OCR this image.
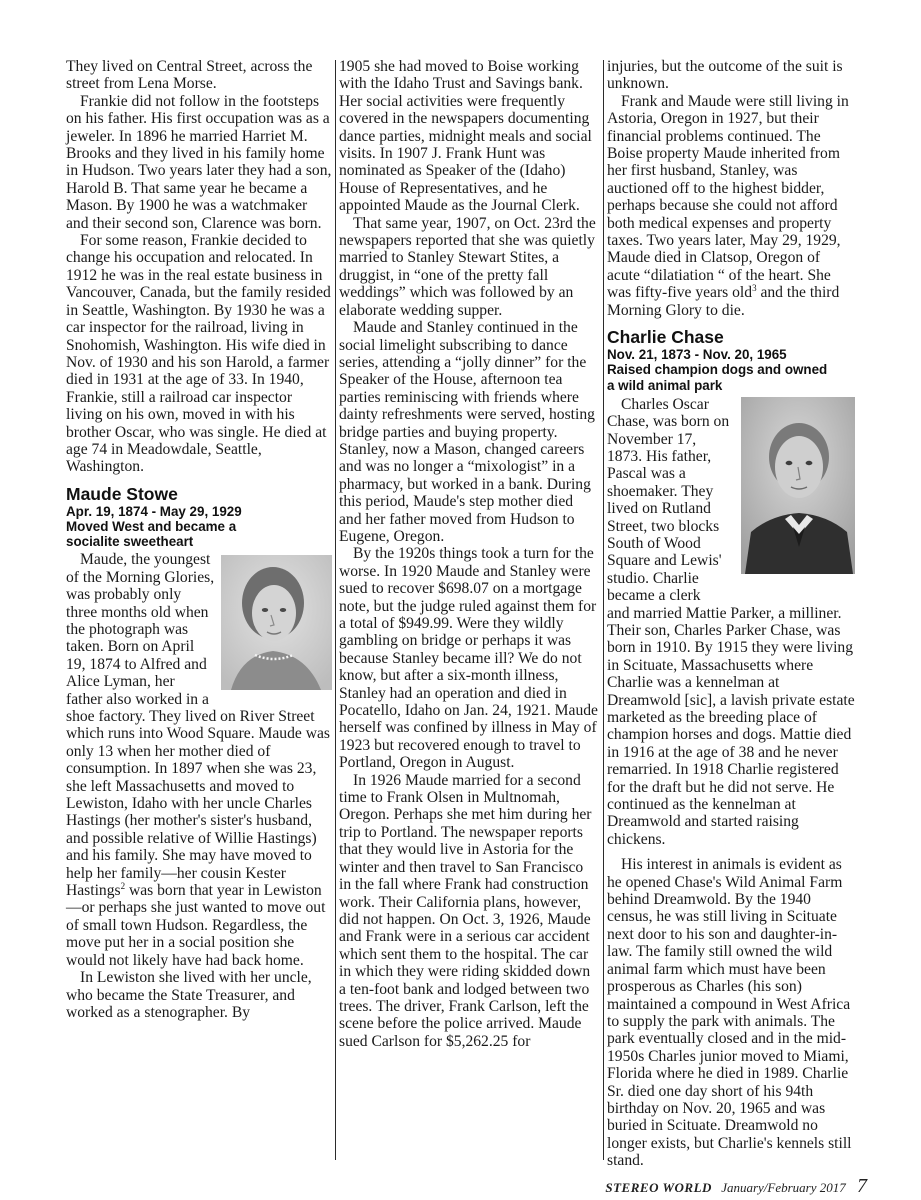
They lived on Central Street, across the street from Lena Morse.

Frankie did not follow in the footsteps on his father. His first occupation was as a jeweler. In 1896 he married Harriet M. Brooks and they lived in his family home in Hudson. Two years later they had a son, Harold B. That same year he became a Mason. By 1900 he was a watchmaker and their second son, Clarence was born.

For some reason, Frankie decided to change his occupation and relocated. In 1912 he was in the real estate business in Vancouver, Canada, but the family resided in Seattle, Washington. By 1930 he was a car inspector for the railroad, living in Snohomish, Washington. His wife died in Nov. of 1930 and his son Harold, a farmer died in 1931 at the age of 33. In 1940, Frankie, still a railroad car inspector living on his own, moved in with his brother Oscar, who was single. He died at age 74 in Meadowdale, Seattle, Washington.

Maude Stowe
Apr. 19, 1874 - May 29, 1929
Moved West and became a
socialite sweetheart

Maude, the youngest of the Morning Glories, was probably only three months old when the photograph was taken. Born on April 19, 1874 to Alfred and Alice Lyman, her

father also worked in a shoe factory. They lived on River Street which runs into Wood Square. Maude was only 13 when her mother died of consumption. In 1897 when she was 23, she left Massachusetts and moved to Lewiston, Idaho with her uncle Charles Hastings (her mother's sister's husband, and possible relative of Willie Hastings) and his family. She may have moved to help her family—her cousin Kester Hastings$^2$ was born that year in Lewiston—or perhaps she just wanted to move out of small town Hudson. Regardless, the move put her in a social position she would not likely have had back home.

In Lewiston she lived with her uncle, who became the State Treasurer, and worked as a stenographer. By

1905 she had moved to Boise working with the Idaho Trust and Savings bank. Her social activities were frequently covered in the newspapers documenting dance parties, midnight meals and social visits. In 1907 J. Frank Hunt was nominated as Speaker of the (Idaho) House of Representatives, and he appointed Maude as the Journal Clerk.

That same year, 1907, on Oct. 23rd the newspapers reported that she was quietly married to Stanley Stewart Stites, a druggist, in “one of the pretty fall weddings” which was followed by an elaborate wedding supper.

Maude and Stanley continued in the social limelight subscribing to dance series, attending a “jolly dinner” for the Speaker of the House, afternoon tea parties reminiscing with friends where dainty refreshments were served, hosting bridge parties and buying property. Stanley, now a Mason, changed careers and was no longer a “mixologist” in a pharmacy, but worked in a bank. During this period, Maude's step mother died and her father moved from Hudson to Eugene, Oregon.

By the 1920s things took a turn for the worse. In 1920 Maude and Stanley were sued to recover $698.07 on a mortgage note, but the judge ruled against them for a total of $949.99. Were they wildly gambling on bridge or perhaps it was because Stanley became ill? We do not know, but after a six-month illness, Stanley had an operation and died in Pocatello, Idaho on Jan. 24, 1921. Maude herself was confined by illness in May of 1923 but recovered enough to travel to Portland, Oregon in August.

In 1926 Maude married for a second time to Frank Olsen in Multnomah, Oregon. Perhaps she met him during her trip to Portland. The newspaper reports that they would live in Astoria for the winter and then travel to San Francisco in the fall where Frank had construction work. Their California plans, however, did not happen. On Oct. 3, 1926, Maude and Frank were in a serious car accident which sent them to the hospital. The car in which they were riding skidded down a ten-foot bank and lodged between two trees. The driver, Frank Carlson, left the scene before the police arrived. Maude sued Carlson for $5,262.25 for

injuries, but the outcome of the suit is unknown.

Frank and Maude were still living in Astoria, Oregon in 1927, but their financial problems continued. The Boise property Maude inherited from her first husband, Stanley, was auctioned off to the highest bidder, perhaps because she could not afford both medical expenses and property taxes. Two years later, May 29, 1929, Maude died in Clatsop, Oregon of acute “dilatiation “ of the heart. She was fifty-five years old$^3$ and the third Morning Glory to die.

Charlie Chase
Nov. 21, 1873 - Nov. 20, 1965
Raised champion dogs and owned
a wild animal park

Charles Oscar Chase, was born on November 17, 1873. His father, Pascal was a shoemaker. They lived on Rutland Street, two blocks South of Wood Square and Lewis' studio. Charlie became a clerk

and married Mattie Parker, a milliner. Their son, Charles Parker Chase, was born in 1910. By 1915 they were living in Scituate, Massachusetts where Charlie was a kennelman at Dreamwold [sic], a lavish private estate marketed as the breeding place of champion horses and dogs. Mattie died in 1916 at the age of 38 and he never remarried. In 1918 Charlie registered for the draft but he did not serve. He continued as the kennelman at Dreamwold and started raising chickens.

His interest in animals is evident as he opened Chase's Wild Animal Farm behind Dreamwold. By the 1940 census, he was still living in Scituate next door to his son and daughter-in-law. The family still owned the wild animal farm which must have been prosperous as Charles (his son) maintained a compound in West Africa to supply the park with animals. The park eventually closed and in the mid-1950s Charles junior moved to Miami, Florida where he died in 1989. Charlie Sr. died one day short of his 94th birthday on Nov. 20, 1965 and was buried in Scituate. Dreamwold no longer exists, but Charlie's kennels still stand.

STEREO WORLD January/February 2017 7
